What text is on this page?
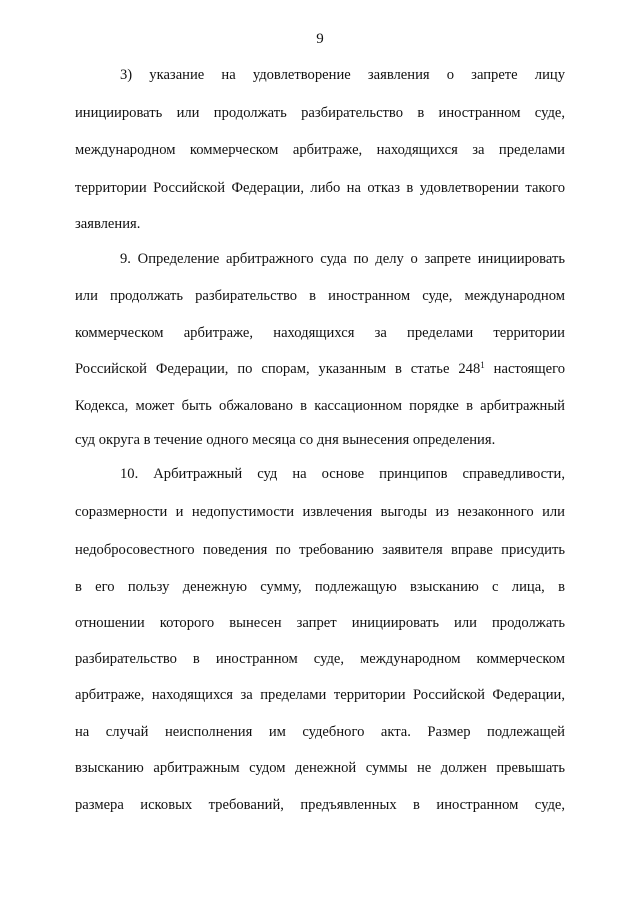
9
3) указание на удовлетворение заявления о запрете лицу
инициировать или продолжать разбирательство в иностранном суде,
международном коммерческом арбитраже, находящихся за пределами
территории Российской Федерации, либо на отказ в удовлетворении такого
заявления.
9. Определение арбитражного суда по делу о запрете инициировать
или продолжать разбирательство в иностранном суде, международном
коммерческом арбитраже, находящихся за пределами территории
Российской Федерации, по спорам, указанным в статье $248^1$ настоящего
Кодекса, может быть обжаловано в кассационном порядке в арбитражный
суд округа в течение одного месяца со дня вынесения определения.
10. Арбитражный суд на основе принципов справедливости,
соразмерности и недопустимости извлечения выгоды из незаконного или
недобросовестного поведения по требованию заявителя вправе присудить
в его пользу денежную сумму, подлежащую взысканию с лица, в
отношении которого вынесен запрет инициировать или продолжать
разбирательство в иностранном суде, международном коммерческом
арбитраже, находящихся за пределами территории Российской Федерации,
на случай неисполнения им судебного акта. Размер подлежащей
взысканию арбитражным судом денежной суммы не должен превышать
размера исковых требований, предъявленных в иностранном суде,
